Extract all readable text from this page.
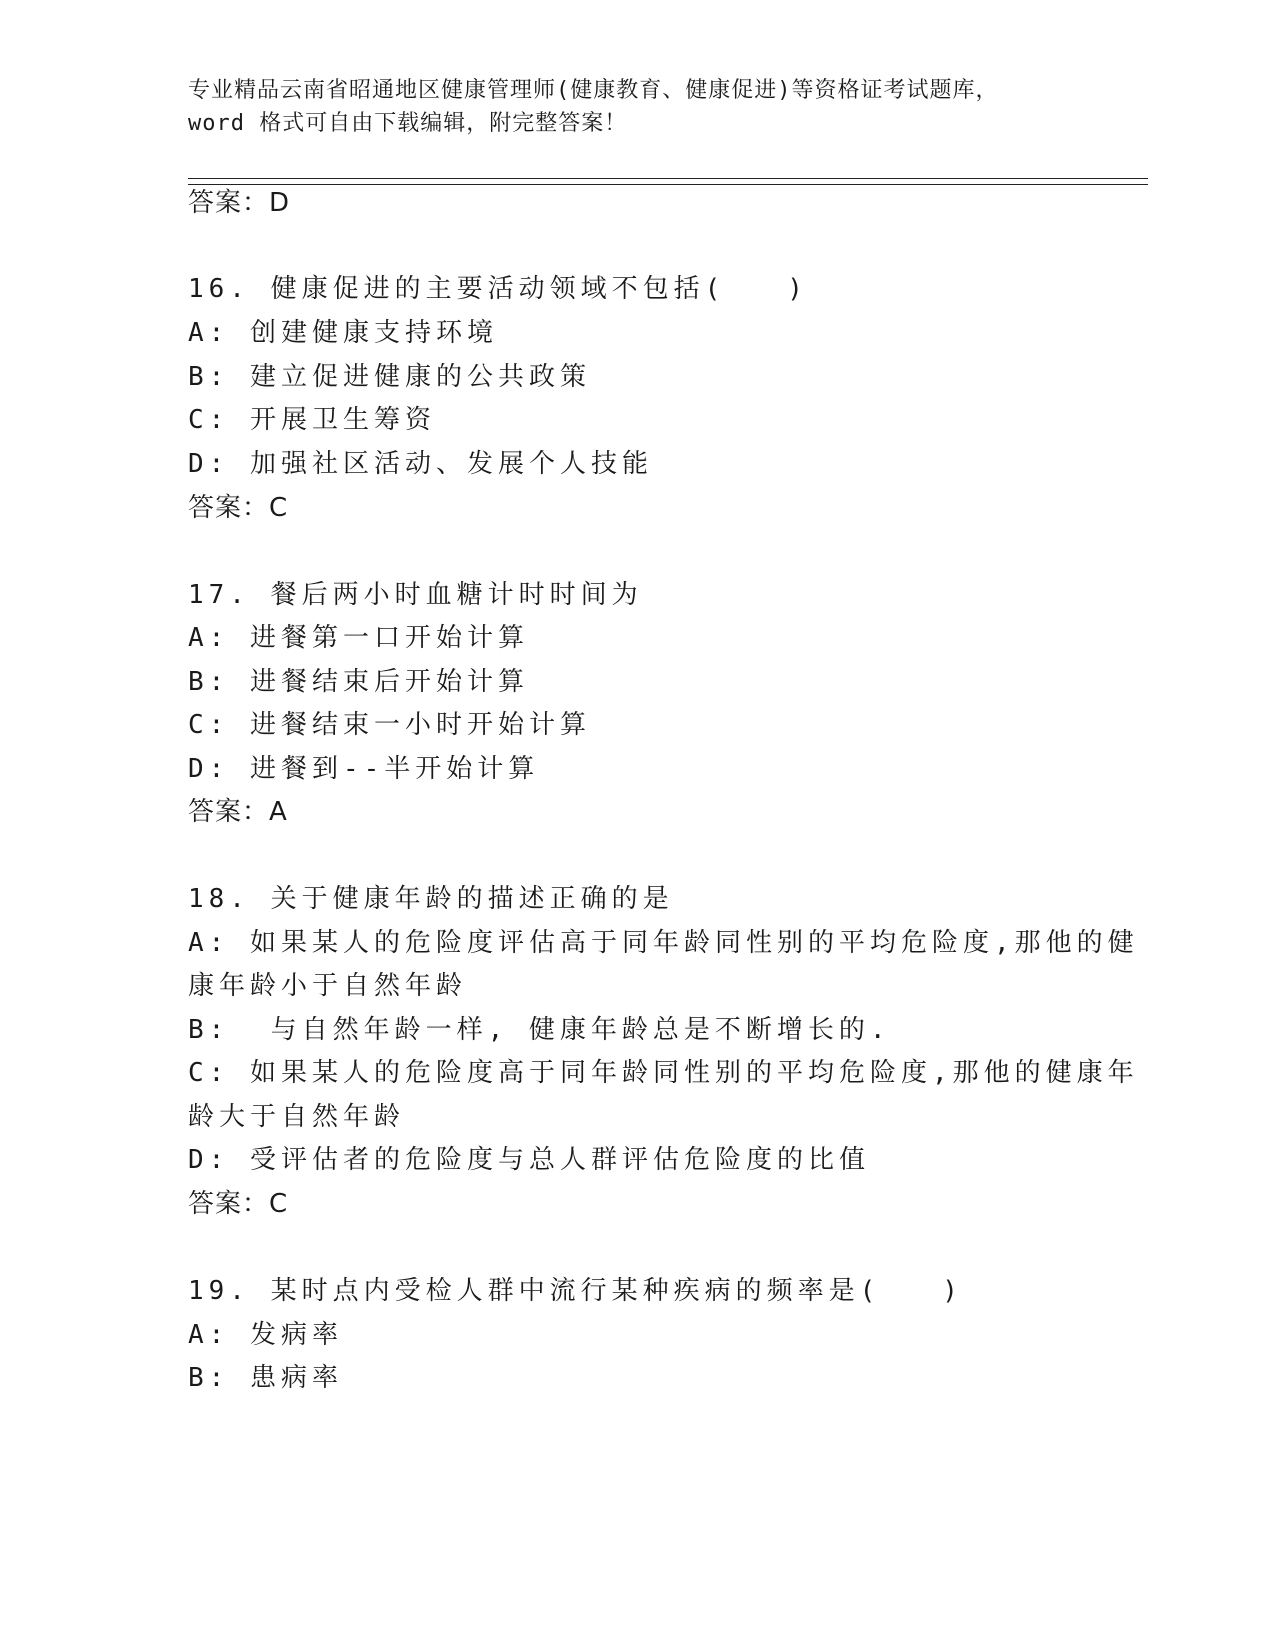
专业精品云南省昭通地区健康管理师(健康教育、健康促进)等资格证考试题库，
word 格式可自由下载编辑，附完整答案！
答案：D
16. 健康促进的主要活动领域不包括(　　)
A: 创建健康支持环境
B: 建立促进健康的公共政策
C: 开展卫生筹资
D: 加强社区活动、发展个人技能
答案：C
17. 餐后两小时血糖计时时间为
A: 进餐第一口开始计算
B: 进餐结束后开始计算
C: 进餐结束一小时开始计算
D: 进餐到--半开始计算
答案：A
18. 关于健康年龄的描述正确的是
A: 如果某人的危险度评估高于同年龄同性别的平均危险度,那他的健
康年龄小于自然年龄
B:  与自然年龄一样, 健康年龄总是不断增长的.
C: 如果某人的危险度高于同年龄同性别的平均危险度,那他的健康年
龄大于自然年龄
D: 受评估者的危险度与总人群评估危险度的比值
答案：C
19. 某时点内受检人群中流行某种疾病的频率是(　　)
A: 发病率
B: 患病率
